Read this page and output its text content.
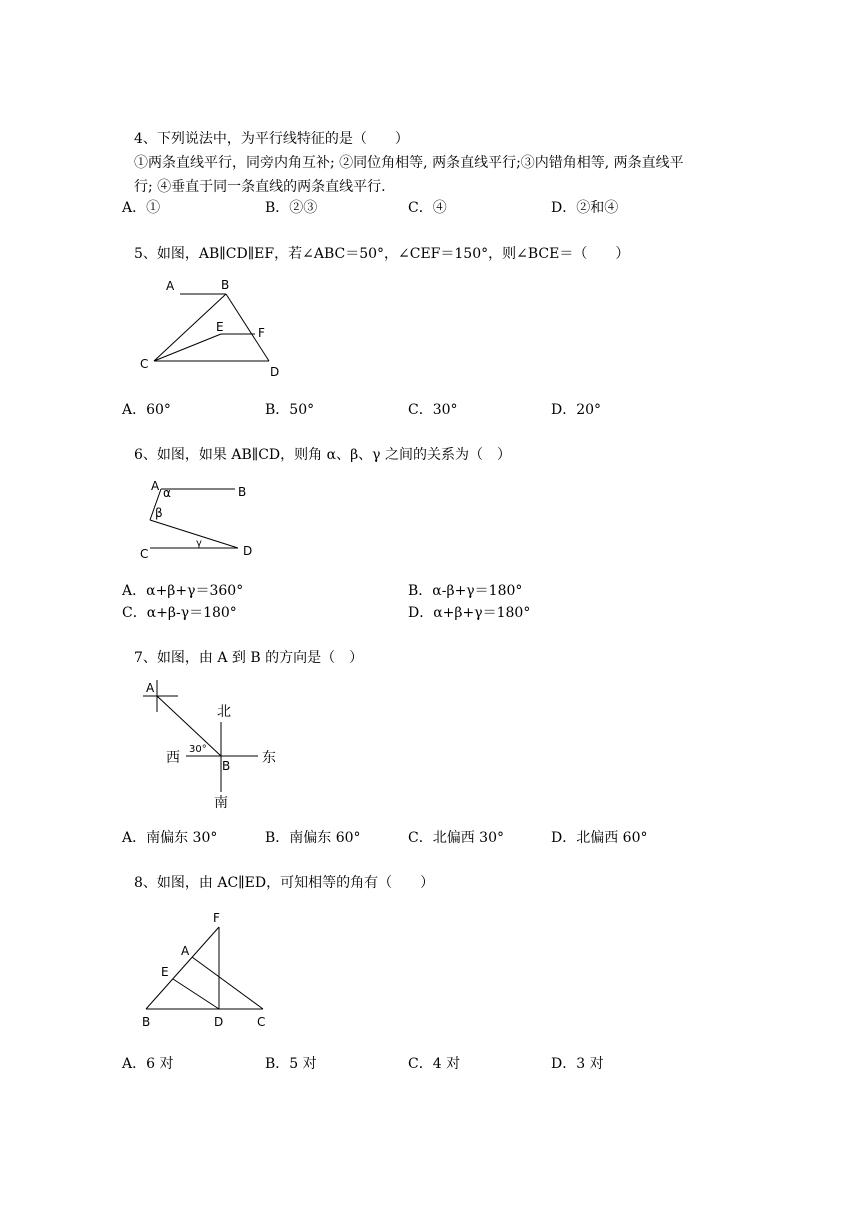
4、下列说法中，为平行线特征的是（　　）
①两条直线平行，同旁内角互补; ②同位角相等, 两条直线平行;③内错角相等, 两条直线平
行; ④垂直于同一条直线的两条直线平行.
A．①	B．②③	C．④	D．②和④
5、如图，AB∥CD∥EF，若∠ABC＝50°，∠CEF＝150°，则∠BCE＝（　　）
A	B
E	F
C
D
A．60°	B．50°	C．30°	D．20°
6、如图，如果 AB∥CD，则角 α、β、γ 之间的关系为（　）
A α	B
β
γ
C	D
A．α+β+γ＝360°	B．α-β+γ＝180°
C．α+β-γ＝180°	D．α+β+γ＝180°
7、如图，由 A 到 B 的方向是（　）
A
北
30°
西	B 东
南
A．南偏东 30°	B．南偏东 60°	C．北偏西 30°	D．北偏西 60°
8、如图，由 AC∥ED，可知相等的角有（　　）
F
A
E
B	D	C
A．6 对	B．5 对	C．4 对	D．3 对
